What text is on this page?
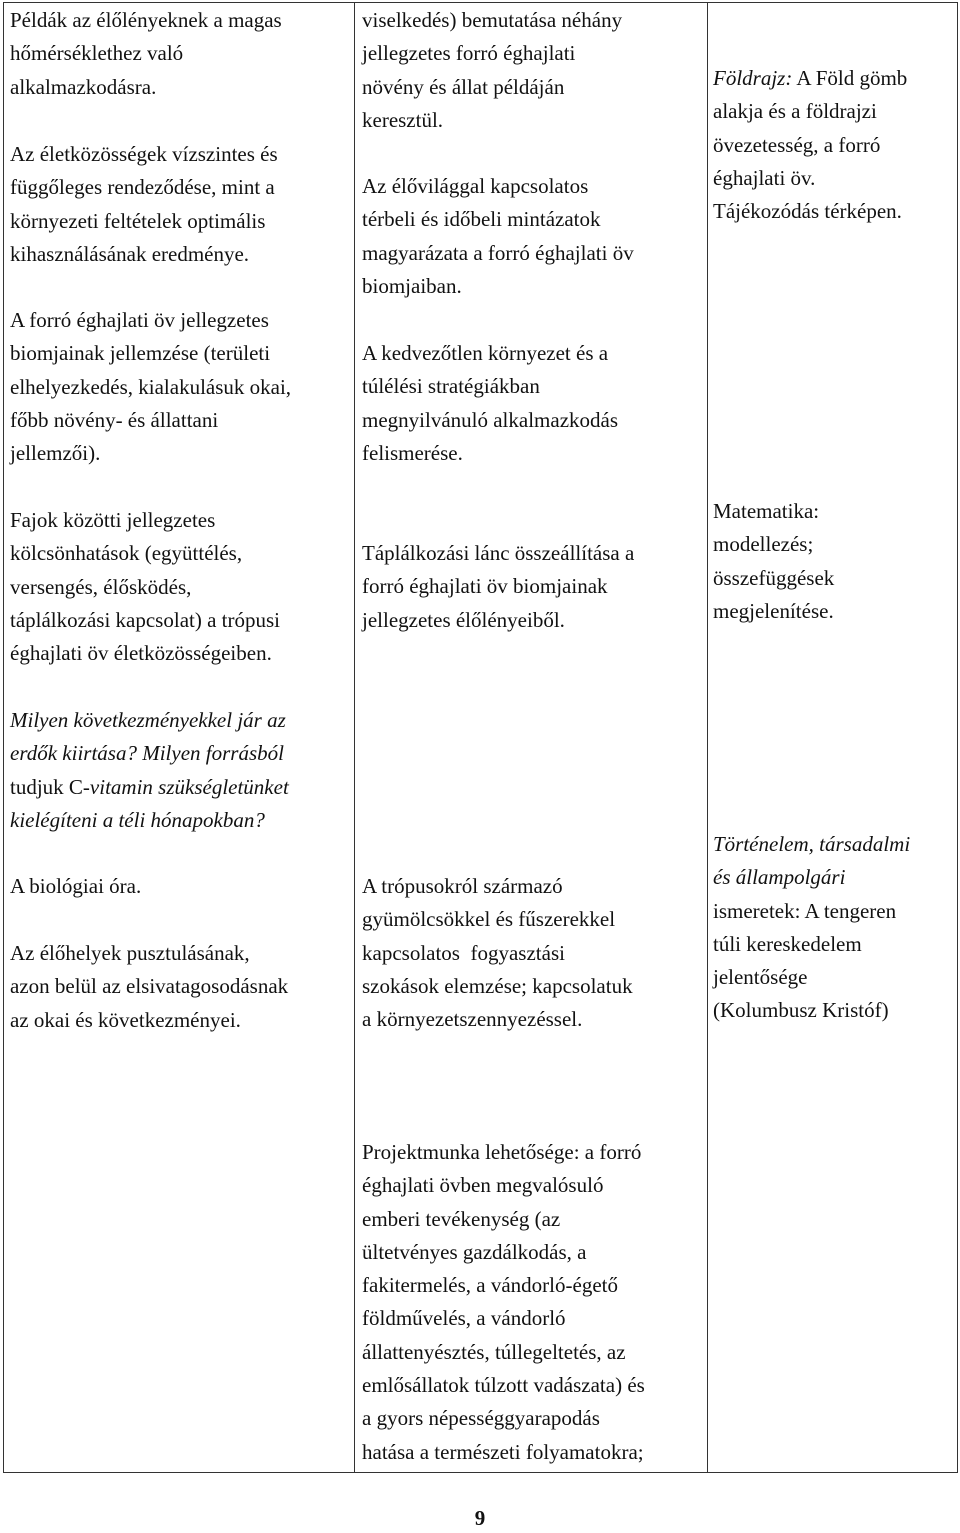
Példák az élőlényeknek a magas

hőmérséklethez való

alkalmazkodásra.

Az életközösségek vízszintes és

függőleges rendeződése, mint a

környezeti feltételek optimális

kihasználásának eredménye.

A forró éghajlati öv jellegzetes

biomjainak jellemzése (területi

elhelyezkedés, kialakulásuk okai,

főbb növény- és állattani

jellemzői).

Fajok közötti jellegzetes

kölcsönhatások (együttélés,

versengés, élősködés,

táplálkozási kapcsolat) a trópusi

éghajlati öv életközösségeiben.

Milyen következményekkel jár az

erdők kiirtása? Milyen forrásból

tudjuk C-vitamin szükségletünket

kielégíteni a téli hónapokban?

A biológiai óra.

Az élőhelyek pusztulásának,

azon belül az elsivatagosodásnak

az okai és következményei.

viselkedés) bemutatása néhány

jellegzetes forró éghajlati

növény és állat példáján

keresztül.

Az élővilággal kapcsolatos

térbeli és időbeli mintázatok

magyarázata a forró éghajlati öv

biomjaiban.

A kedvezőtlen környezet és a

túlélési stratégiákban

megnyilvánuló alkalmazkodás

felismerése.

Táplálkozási lánc összeállítása a

forró éghajlati öv biomjainak

jellegzetes élőlényeiből.

A trópusokról származó

gyümölcsökkel és fűszerekkel

kapcsolatos  fogyasztási

szokások elemzése; kapcsolatuk

a környezetszennyezéssel.

Projektmunka lehetősége: a forró

éghajlati övben megvalósuló

emberi tevékenység (az

ültetvényes gazdálkodás, a

fakitermelés, a vándorló-égető

földművelés, a vándorló

állattenyésztés, túllegeltetés, az

emlősállatok túlzott vadászata) és

a gyors népességgyarapodás

hatása a természeti folyamatokra;

Földrajz: A Föld gömb

alakja és a földrajzi

övezetesség, a forró

éghajlati öv.

Tájékozódás térképen.

Matematika:

modellezés;

összefüggések

megjelenítése.

Történelem, társadalmi

és állampolgári

ismeretek: A tengeren

túli kereskedelem

jelentősége

(Kolumbusz Kristóf)

9
